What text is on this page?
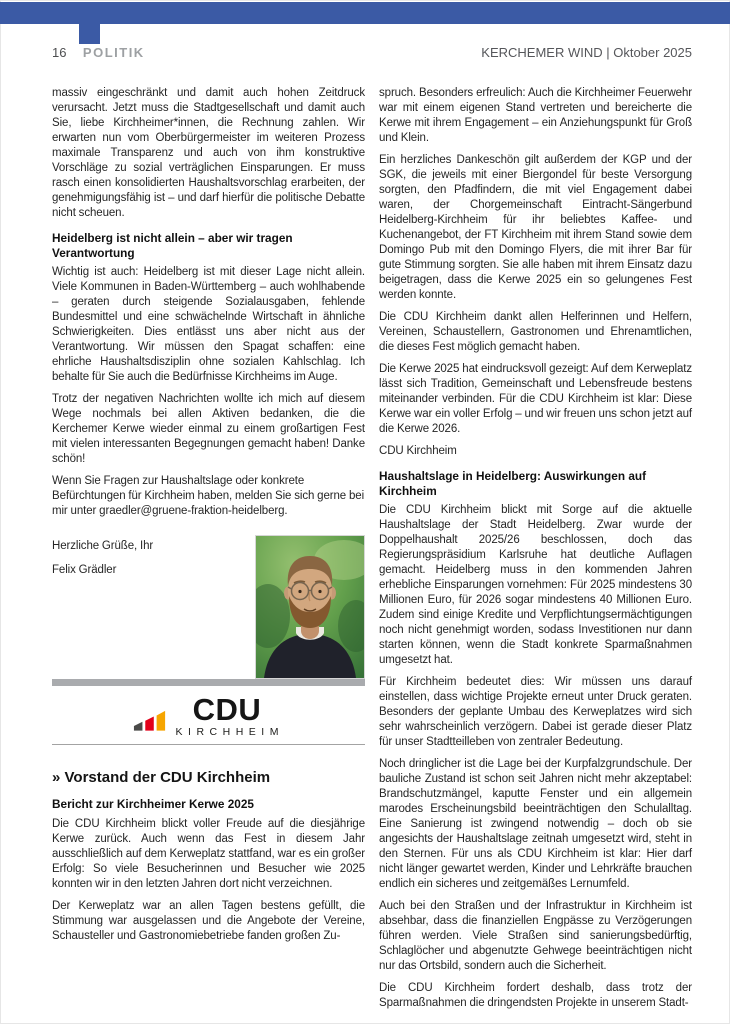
16 POLITIK	KERCHEMER WIND | Oktober 2025

massiv eingeschränkt und damit auch hohen Zeitdruck verursacht. Jetzt muss die Stadtgesellschaft und damit auch Sie, liebe Kirchheimer*innen, die Rechnung zahlen. Wir erwarten nun vom Oberbürgermeister im weiteren Prozess maximale Transparenz und auch von ihm konstruktive Vorschläge zu sozial verträglichen Einsparungen. Er muss rasch einen konsolidierten Haushaltsvorschlag erarbeiten, der genehmigungsfähig ist – und darf hierfür die politische Debatte nicht scheuen.

Heidelberg ist nicht allein – aber wir tragen Verantwortung

Wichtig ist auch: Heidelberg ist mit dieser Lage nicht allein. Viele Kommunen in Baden-Württemberg – auch wohlhabende – geraten durch steigende Sozialausgaben, fehlende Bundesmittel und eine schwächelnde Wirtschaft in ähnliche Schwierigkeiten. Dies entlässt uns aber nicht aus der Verantwortung. Wir müssen den Spagat schaffen: eine ehrliche Haushaltsdisziplin ohne sozialen Kahlschlag. Ich behalte für Sie auch die Bedürfnisse Kirchheims im Auge.

Trotz der negativen Nachrichten wollte ich mich auf diesem Wege nochmals bei allen Aktiven bedanken, die die Kerchemer Kerwe wieder einmal zu einem großartigen Fest mit vielen interessanten Begegnungen gemacht haben! Danke schön!

Wenn Sie Fragen zur Haushaltslage oder konkrete Befürchtungen für Kirchheim haben, melden Sie sich gerne bei mir unter graedler@gruene-fraktion-heidelberg.

Herzliche Grüße, Ihr

Felix Grädler

CDU
KIRCHHEIM
» Vorstand der CDU Kirchheim
Bericht zur Kirchheimer Kerwe 2025

Die CDU Kirchheim blickt voller Freude auf die diesjährige Kerwe zurück. Auch wenn das Fest in diesem Jahr ausschließlich auf dem Kerweplatz stattfand, war es ein großer Erfolg: So viele Besucherinnen und Besucher wie 2025 konnten wir in den letzten Jahren dort nicht verzeichnen.

Der Kerweplatz war an allen Tagen bestens gefüllt, die Stimmung war ausgelassen und die Angebote der Vereine, Schausteller und Gastronomiebetriebe fanden großen Zu-

spruch. Besonders erfreulich: Auch die Kirchheimer Feuerwehr war mit einem eigenen Stand vertreten und bereicherte die Kerwe mit ihrem Engagement – ein Anziehungspunkt für Groß und Klein.

Ein herzliches Dankeschön gilt außerdem der KGP und der SGK, die jeweils mit einer Biergondel für beste Versorgung sorgten, den Pfadfindern, die mit viel Engagement dabei waren, der Chorgemeinschaft Eintracht-Sängerbund Heidelberg-Kirchheim für ihr beliebtes Kaffee- und Kuchenangebot, der FT Kirchheim mit ihrem Stand sowie dem Domingo Pub mit den Domingo Flyers, die mit ihrer Bar für gute Stimmung sorgten. Sie alle haben mit ihrem Einsatz dazu beigetragen, dass die Kerwe 2025 ein so gelungenes Fest werden konnte.

Die CDU Kirchheim dankt allen Helferinnen und Helfern, Vereinen, Schaustellern, Gastronomen und Ehrenamtlichen, die dieses Fest möglich gemacht haben.

Die Kerwe 2025 hat eindrucksvoll gezeigt: Auf dem Kerweplatz lässt sich Tradition, Gemeinschaft und Lebensfreude bestens miteinander verbinden. Für die CDU Kirchheim ist klar: Diese Kerwe war ein voller Erfolg – und wir freuen uns schon jetzt auf die Kerwe 2026.

CDU Kirchheim

Haushaltslage in Heidelberg: Auswirkungen auf Kirchheim

Die CDU Kirchheim blickt mit Sorge auf die aktuelle Haushaltslage der Stadt Heidelberg. Zwar wurde der Doppelhaushalt 2025/26 beschlossen, doch das Regierungspräsidium Karlsruhe hat deutliche Auflagen gemacht. Heidelberg muss in den kommenden Jahren erhebliche Einsparungen vornehmen: Für 2025 mindestens 30 Millionen Euro, für 2026 sogar mindestens 40 Millionen Euro. Zudem sind einige Kredite und Verpflichtungsermächtigungen noch nicht genehmigt worden, sodass Investitionen nur dann starten können, wenn die Stadt konkrete Sparmaßnahmen umgesetzt hat.

Für Kirchheim bedeutet dies: Wir müssen uns darauf einstellen, dass wichtige Projekte erneut unter Druck geraten. Besonders der geplante Umbau des Kerweplatzes wird sich sehr wahrscheinlich verzögern. Dabei ist gerade dieser Platz für unser Stadtteilleben von zentraler Bedeutung.

Noch dringlicher ist die Lage bei der Kurpfalzgrundschule. Der bauliche Zustand ist schon seit Jahren nicht mehr akzeptabel: Brandschutzmängel, kaputte Fenster und ein allgemein marodes Erscheinungsbild beeinträchtigen den Schulalltag. Eine Sanierung ist zwingend notwendig – doch ob sie angesichts der Haushaltslage zeitnah umgesetzt wird, steht in den Sternen. Für uns als CDU Kirchheim ist klar: Hier darf nicht länger gewartet werden, Kinder und Lehrkräfte brauchen endlich ein sicheres und zeitgemäßes Lernumfeld.

Auch bei den Straßen und der Infrastruktur in Kirchheim ist absehbar, dass die finanziellen Engpässe zu Verzögerungen führen werden. Viele Straßen sind sanierungsbedürftig, Schlaglöcher und abgenutzte Gehwege beeinträchtigen nicht nur das Ortsbild, sondern auch die Sicherheit.

Die CDU Kirchheim fordert deshalb, dass trotz der Sparmaßnahmen die dringendsten Projekte in unserem Stadt-
